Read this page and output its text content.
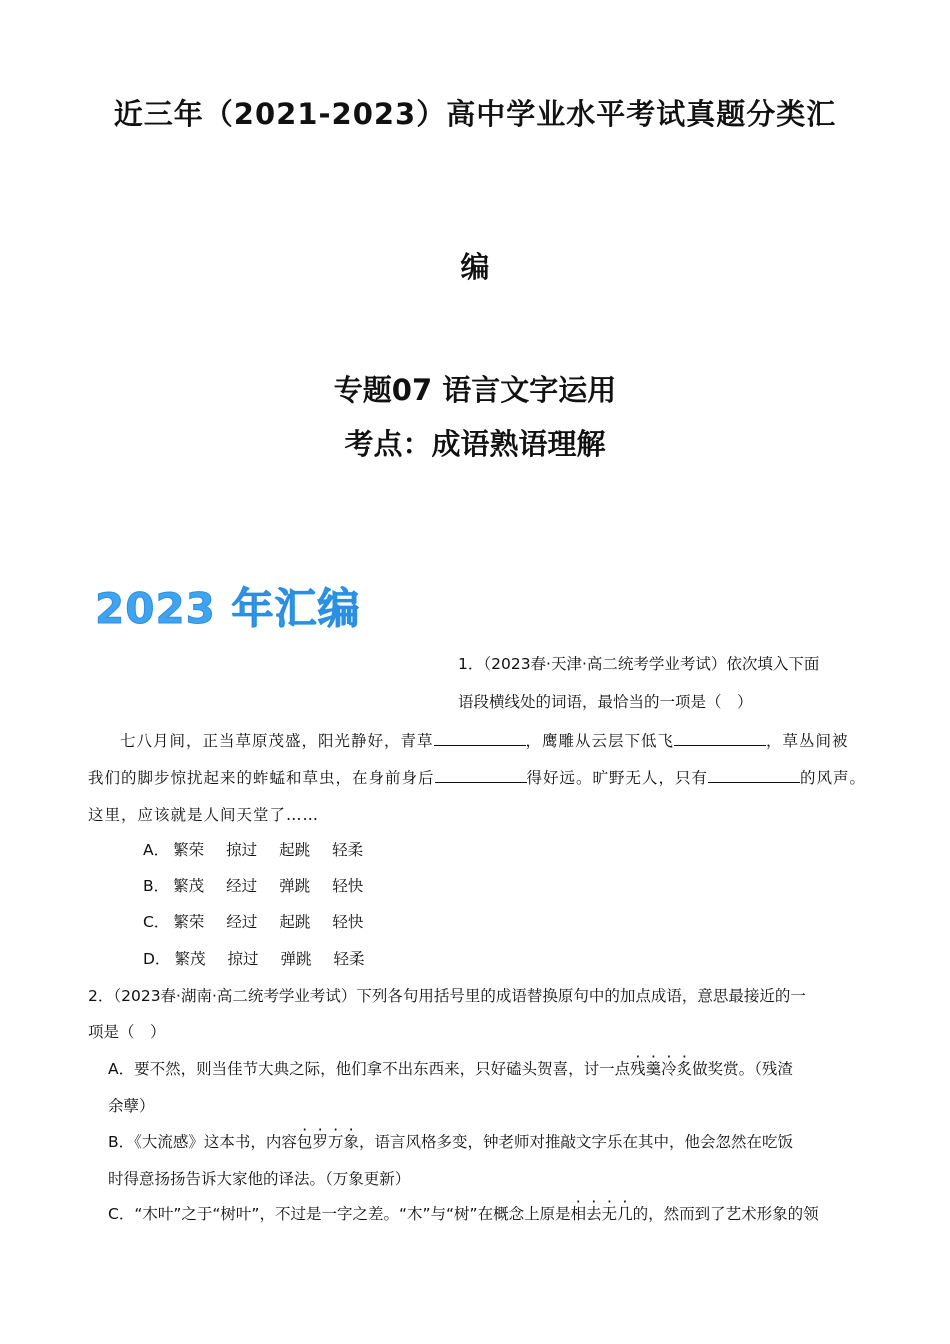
近三年（2021-2023）高中学业水平考试真题分类汇
编
专题07 语言文字运用
考点：成语熟语理解
2023 年汇编
1．（2023春·天津·高二统考学业考试）依次填入下面
语段横线处的词语，最恰当的一项是（　）
七八月间，正当草原茂盛，阳光静好，青草	，鹰雕从云层下低飞	，草丛间被
我们的脚步惊扰起来的蚱蜢和草虫，在身前身后	得好远。旷野无人，只有	的风声。
这里，应该就是人间天堂了……
A． 繁荣 掠过 起跳 轻柔
B． 繁茂 经过 弹跳 轻快
C． 繁荣 经过 起跳 轻快
D． 繁茂 掠过 弹跳 轻柔
2．（2023春·湖南·高二统考学业考试）下列各句用括号里的成语替换原句中的加点成语，意思最接近的一
项是（　）
A．要不然，则当佳节大典之际，他们拿不出东西来，只好磕头贺喜，讨一点残羹冷炙做奖赏。（残渣
余孽）
B．《大流感》这本书，内容包罗万象，语言风格多变，钟老师对推敲文字乐在其中，他会忽然在吃饭
时得意扬扬告诉大家他的译法。（万象更新）
C．“木叶”之于“树叶”，不过是一字之差。“木”与“树”在概念上原是相去无几的，然而到了艺术形象的领
